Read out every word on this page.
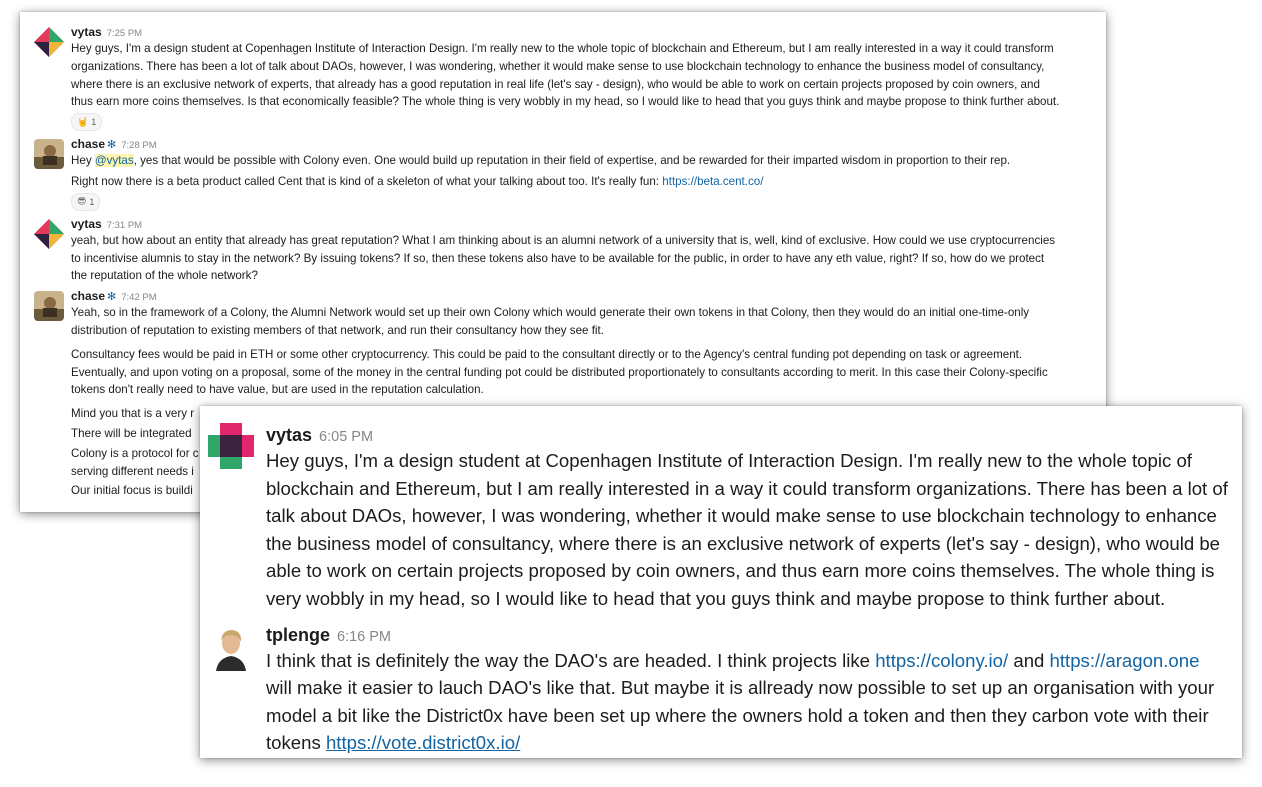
vytas 7:25 PM
Hey guys, I'm a design student at Copenhagen Institute of Interaction Design. I'm really new to the whole topic of blockchain and Ethereum, but I am really interested in a way it could transform
organizations. There has been a lot of talk about DAOs, however, I was wondering, whether it would make sense to use blockchain technology to enhance the business model of consultancy,
where there is an exclusive network of experts, that already has a good reputation in real life (let's say - design), who would be able to work on certain projects proposed by coin owners, and
thus earn more coins themselves. Is that economically feasible? The whole thing is very wobbly in my head, so I would like to head that you guys think and maybe propose to think further about.
🤘 1
chase ✻ 7:28 PM
Hey @vytas, yes that would be possible with Colony even. One would build up reputation in their field of expertise, and be rewarded for their imparted wisdom in proportion to their rep.
Right now there is a beta product called Cent that is kind of a skeleton of what your talking about too. It's really fun: https://beta.cent.co/
😎 1
vytas 7:31 PM
yeah, but how about an entity that already has great reputation? What I am thinking about is an alumni network of a university that is, well, kind of exclusive. How could we use cryptocurrencies
to incentivise alumnis to stay in the network? By issuing tokens? If so, then these tokens also have to be available for the public, in order to have any eth value, right? If so, how do we protect
the reputation of the whole network?
chase ✻ 7:42 PM
Yeah, so in the framework of a Colony, the Alumni Network would set up their own Colony which would generate their own tokens in that Colony, then they would do an initial one-time-only
distribution of reputation to existing members of that network, and run their consultancy how they see fit.
Consultancy fees would be paid in ETH or some other cryptocurrency. This could be paid to the consultant directly or to the Agency's central funding pot depending on task or agreement.
Eventually, and upon voting on a proposal, some of the money in the central funding pot could be distributed proportionately to consultants according to merit. In this case their Colony-specific
tokens don't really need to have value, but are used in the reputation calculation.
Mind you that is a very r
There will be integrated
Colony is a protocol for c
serving different needs i
Our initial focus is buildi
vytas 6:05 PM
Hey guys, I'm a design student at Copenhagen Institute of Interaction Design. I'm really new to the whole topic of
blockchain and Ethereum, but I am really interested in a way it could transform organizations. There has been a lot of
talk about DAOs, however, I was wondering, whether it would make sense to use blockchain technology to enhance
the business model of consultancy, where there is an exclusive network of experts (let's say - design), who would be
able to work on certain projects proposed by coin owners, and thus earn more coins themselves. The whole thing is
very wobbly in my head, so I would like to head that you guys think and maybe propose to think further about.
tplenge 6:16 PM
I think that is definitely the way the DAO's are headed. I think projects like https://colony.io/ and https://aragon.one
will make it easier to lauch DAO's like that. But maybe it is allready now possible to set up an organisation with your
model a bit like the District0x have been set up where the owners hold a token and then they carbon vote with their
tokens https://vote.district0x.io/
